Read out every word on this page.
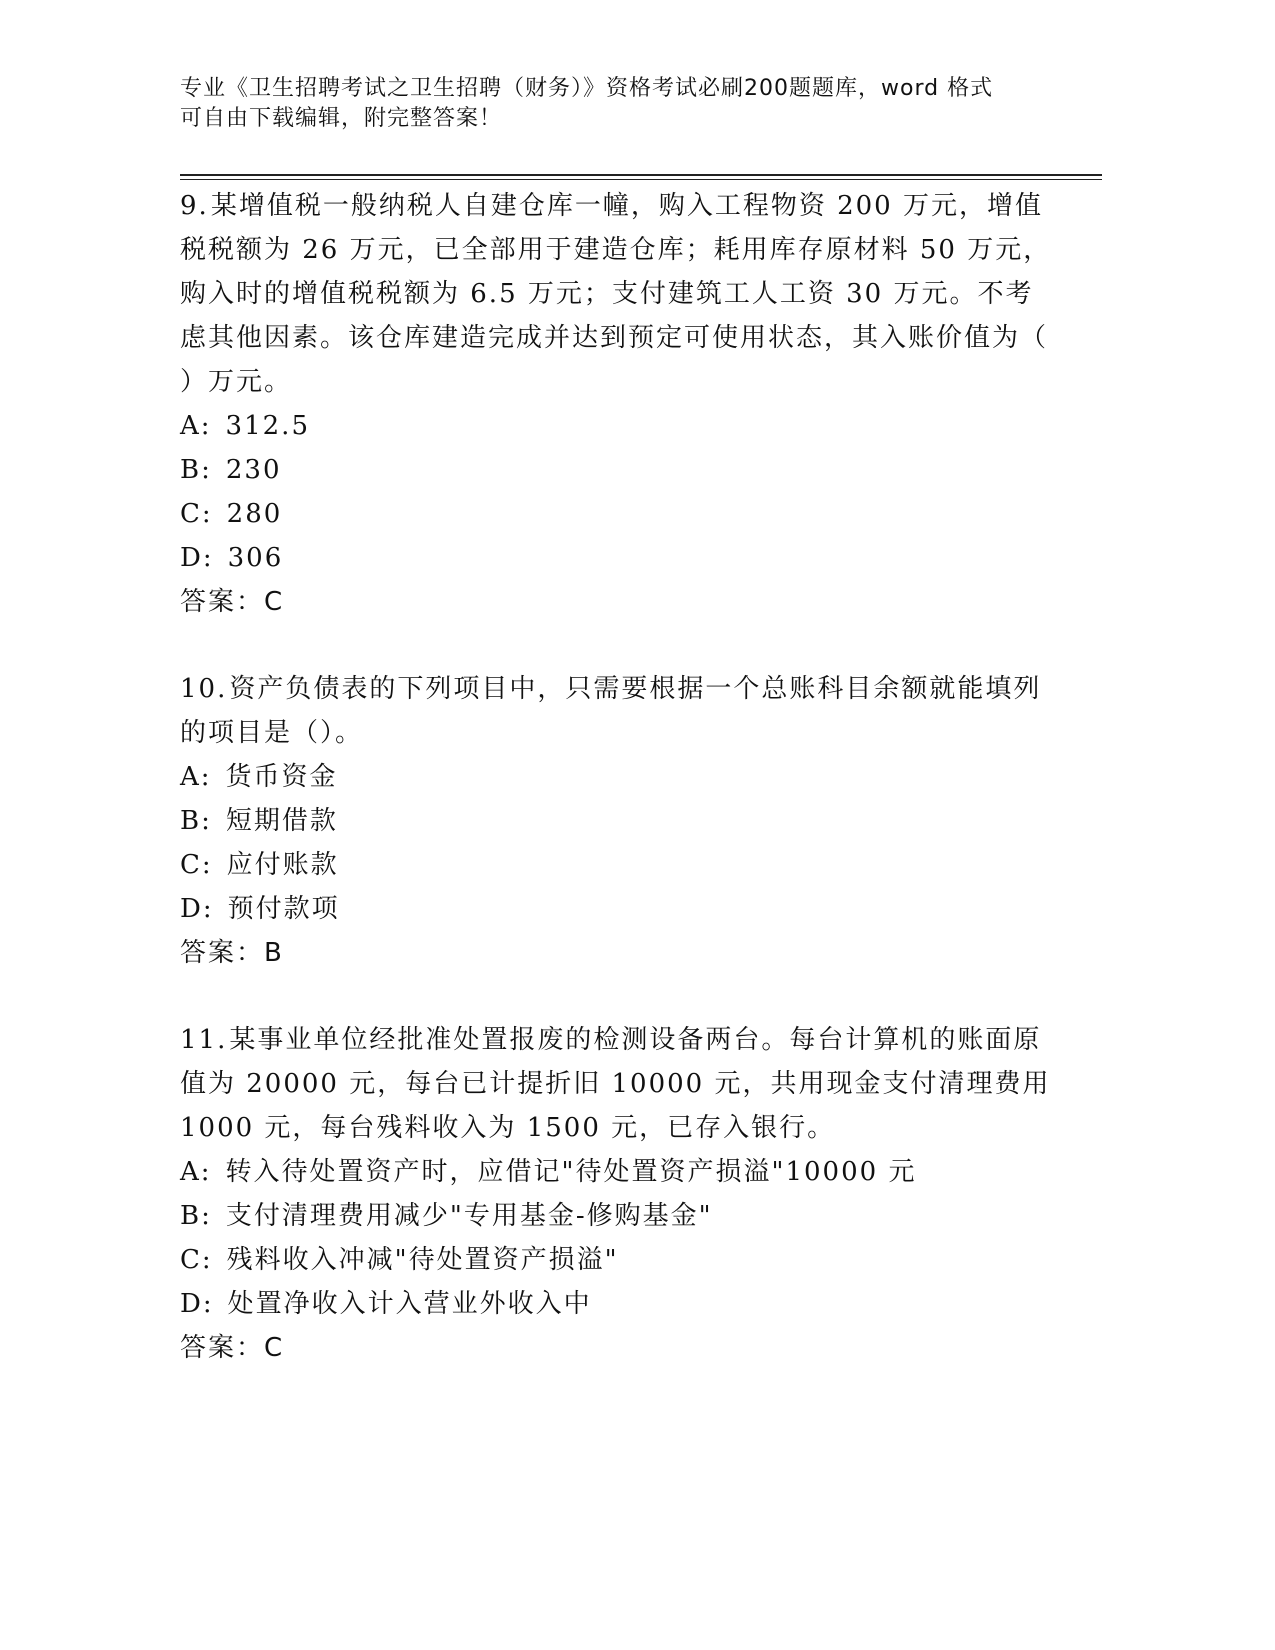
专业《卫生招聘考试之卫生招聘（财务）》资格考试必刷200题题库，word 格式

可自由下载编辑，附完整答案！

9.某增值税一般纳税人自建仓库一幢，购入工程物资 200 万元，增值税税额为 26 万元，已全部用于建造仓库；耗用库存原材料 50 万元，购入时的增值税税额为 6.5 万元；支付建筑工人工资 30 万元。不考虑其他因素。该仓库建造完成并达到预定可使用状态，其入账价值为（ ）万元。

A: 312.5

B: 230

C: 280

D: 306

答案：C

10.资产负债表的下列项目中，只需要根据一个总账科目余额就能填列的项目是（）。

A: 货币资金

B: 短期借款

C: 应付账款

D: 预付款项

答案：B

11.某事业单位经批准处置报废的检测设备两台。每台计算机的账面原值为 20000 元，每台已计提折旧 10000 元，共用现金支付清理费用 1000 元，每台残料收入为 1500 元，已存入银行。

A: 转入待处置资产时，应借记"待处置资产损溢"10000 元

B: 支付清理费用减少"专用基金-修购基金"

C: 残料收入冲减"待处置资产损溢"

D: 处置净收入计入营业外收入中

答案：C
